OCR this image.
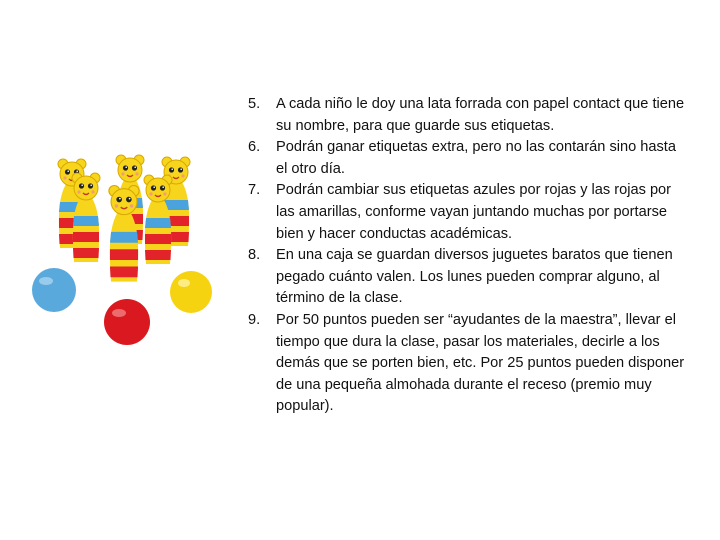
5.	A cada niño le doy una lata forrada con papel contact que tiene su nombre, para que guarde sus etiquetas.
6.	Podrán ganar etiquetas extra, pero no las contarán sino hasta el otro día.
7.	Podrán cambiar sus etiquetas azules por rojas y las rojas por las amarillas, conforme vayan juntando muchas por portarse bien y hacer conductas académicas.
8.	En una caja se guardan diversos juguetes baratos que tienen pegado cuánto valen. Los lunes pueden comprar alguno, al término de la clase.
9.	Por 50 puntos pueden ser “ayudantes de la maestra”, llevar el tiempo que dura la clase, pasar los materiales, decirle a los demás que se porten bien, etc. Por 25 puntos pueden disponer de una pequeña almohada durante el receso (premio muy popular).
